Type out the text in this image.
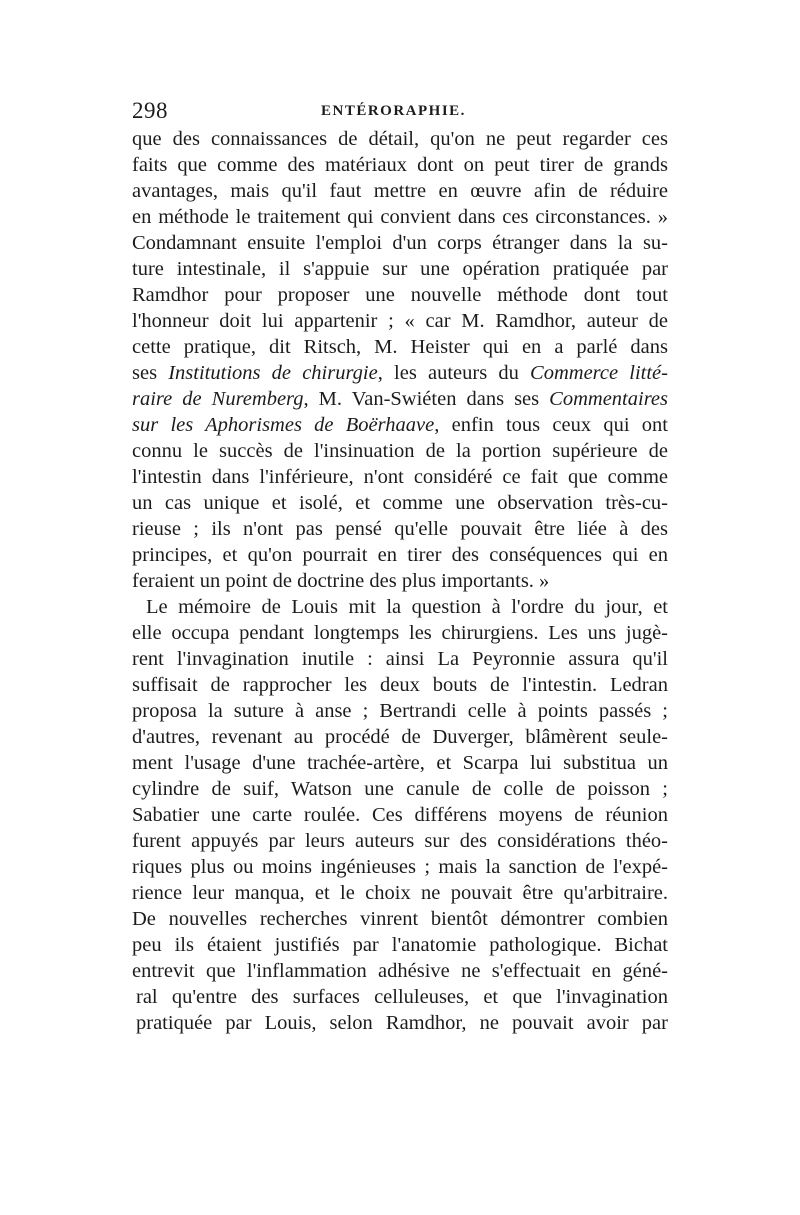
298	ENTÉRORAPHIE.
que des connaissances de détail, qu'on ne peut regarder ces
faits que comme des matériaux dont on peut tirer de grands
avantages, mais qu'il faut mettre en œuvre afin de réduire
en méthode le traitement qui convient dans ces circonstances. »
Condamnant ensuite l'emploi d'un corps étranger dans la su-
ture intestinale, il s'appuie sur une opération pratiquée par
Ramdhor pour proposer une nouvelle méthode dont tout
l'honneur doit lui appartenir ; « car M. Ramdhor, auteur de
cette pratique, dit Ritsch, M. Heister qui en a parlé dans
ses Institutions de chirurgie, les auteurs du Commerce litté-
raire de Nuremberg, M. Van-Swiéten dans ses Commentaires
sur les Aphorismes de Boërhaave, enfin tous ceux qui ont
connu le succès de l'insinuation de la portion supérieure de
l'intestin dans l'inférieure, n'ont considéré ce fait que comme
un cas unique et isolé, et comme une observation très-cu-
rieuse ; ils n'ont pas pensé qu'elle pouvait être liée à des
principes, et qu'on pourrait en tirer des conséquences qui en
feraient un point de doctrine des plus importants. »
Le mémoire de Louis mit la question à l'ordre du jour, et
elle occupa pendant longtemps les chirurgiens. Les uns jugè-
rent l'invagination inutile : ainsi La Peyronnie assura qu'il
suffisait de rapprocher les deux bouts de l'intestin. Ledran
proposa la suture à anse ; Bertrandi celle à points passés ;
d'autres, revenant au procédé de Duverger, blâmèrent seule-
ment l'usage d'une trachée-artère, et Scarpa lui substitua un
cylindre de suif, Watson une canule de colle de poisson ;
Sabatier une carte roulée. Ces différens moyens de réunion
furent appuyés par leurs auteurs sur des considérations théo-
riques plus ou moins ingénieuses ; mais la sanction de l'expé-
rience leur manqua, et le choix ne pouvait être qu'arbitraire.
De nouvelles recherches vinrent bientôt démontrer combien
peu ils étaient justifiés par l'anatomie pathologique. Bichat
entrevit que l'inflammation adhésive ne s'effectuait en géné-
ral qu'entre des surfaces celluleuses, et que l'invagination
pratiquée par Louis, selon Ramdhor, ne pouvait avoir par
